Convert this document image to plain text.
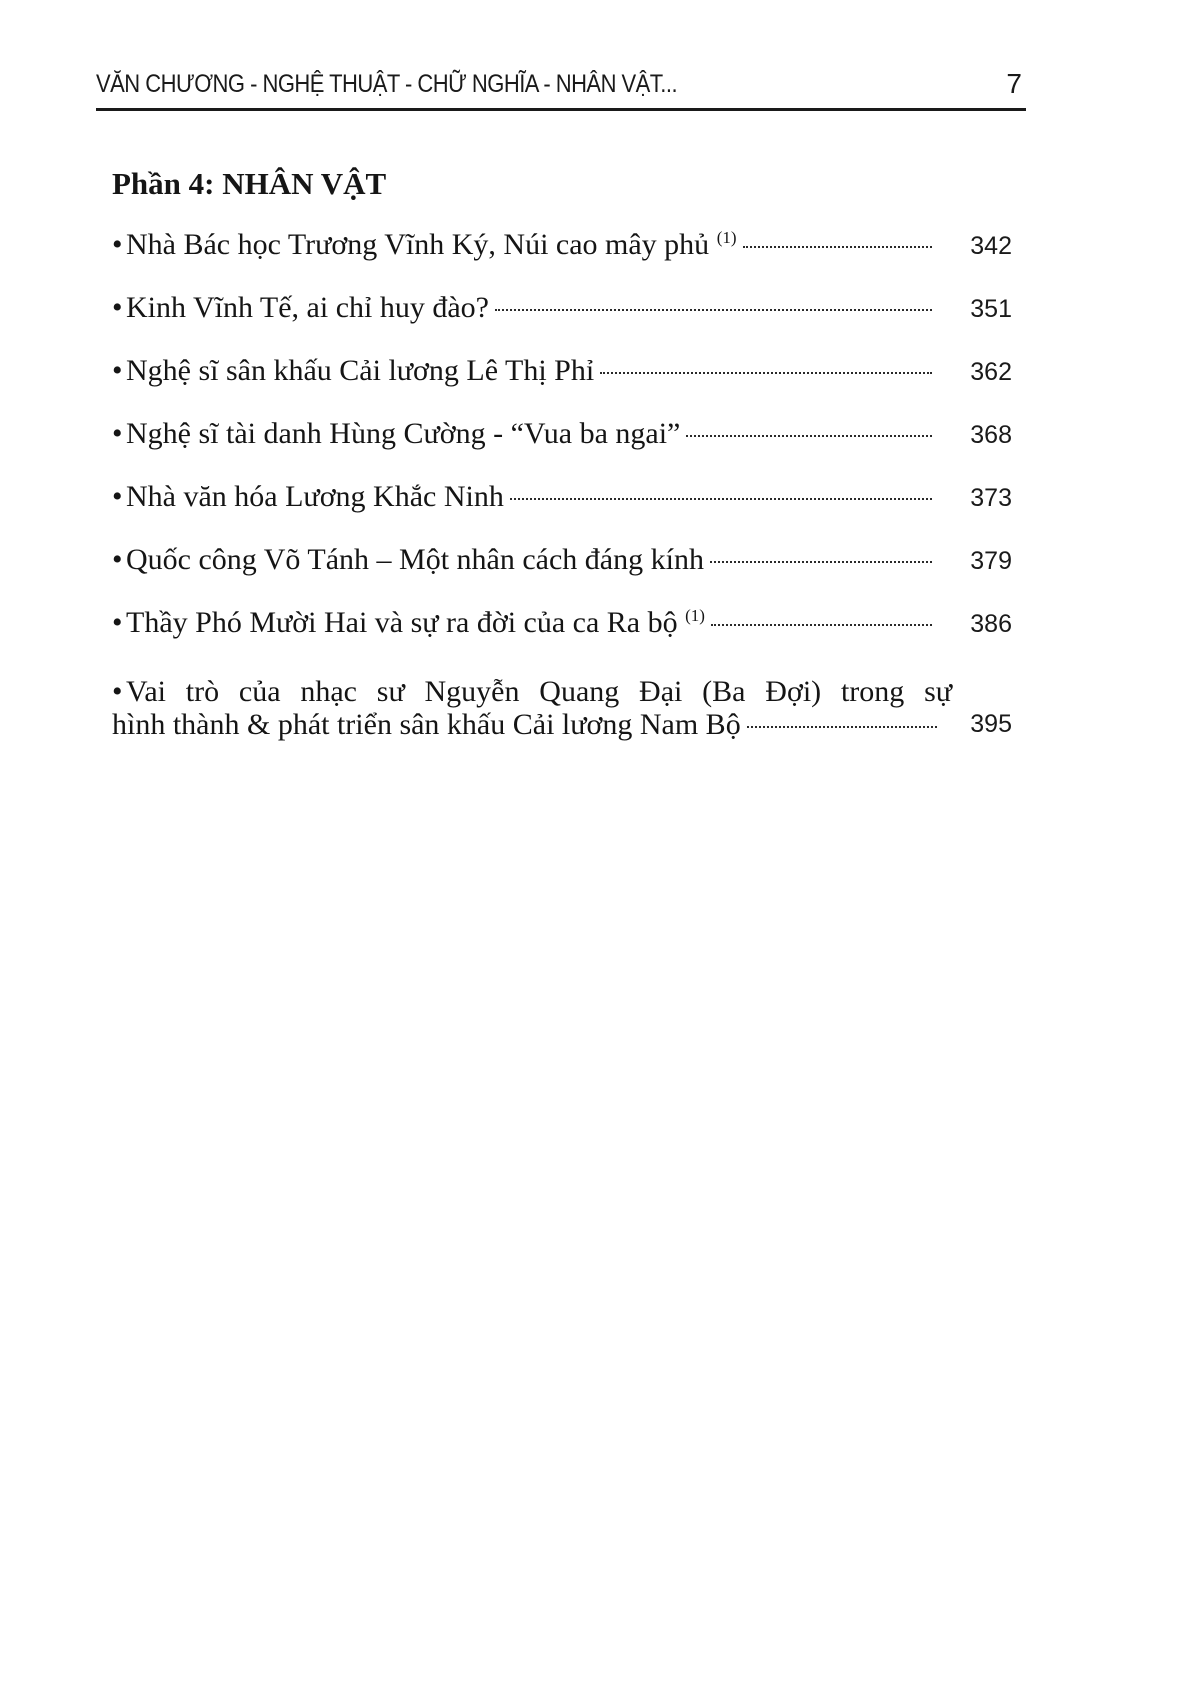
VĂN CHƯƠNG - NGHỆ THUẬT - CHỮ NGHĨA - NHÂN VẬT...	7
Phần 4: NHÂN VẬT
• Nhà Bác học Trương Vĩnh Ký, Núi cao mây phủ $^{(1)}$	342
• Kinh Vĩnh Tế, ai chỉ huy đào?	351
• Nghệ sĩ sân khấu Cải lương Lê Thị Phỉ	362
• Nghệ sĩ tài danh Hùng Cường - “Vua ba ngai”	368
• Nhà văn hóa Lương Khắc Ninh	373
• Quốc công Võ Tánh – Một nhân cách đáng kính	379
• Thầy Phó Mười Hai và sự ra đời của ca Ra bộ $^{(1)}$	386
• Vai trò của nhạc sư Nguyễn Quang Đại (Ba Đợi) trong sự
hình thành & phát triển sân khấu Cải lương Nam Bộ	395
